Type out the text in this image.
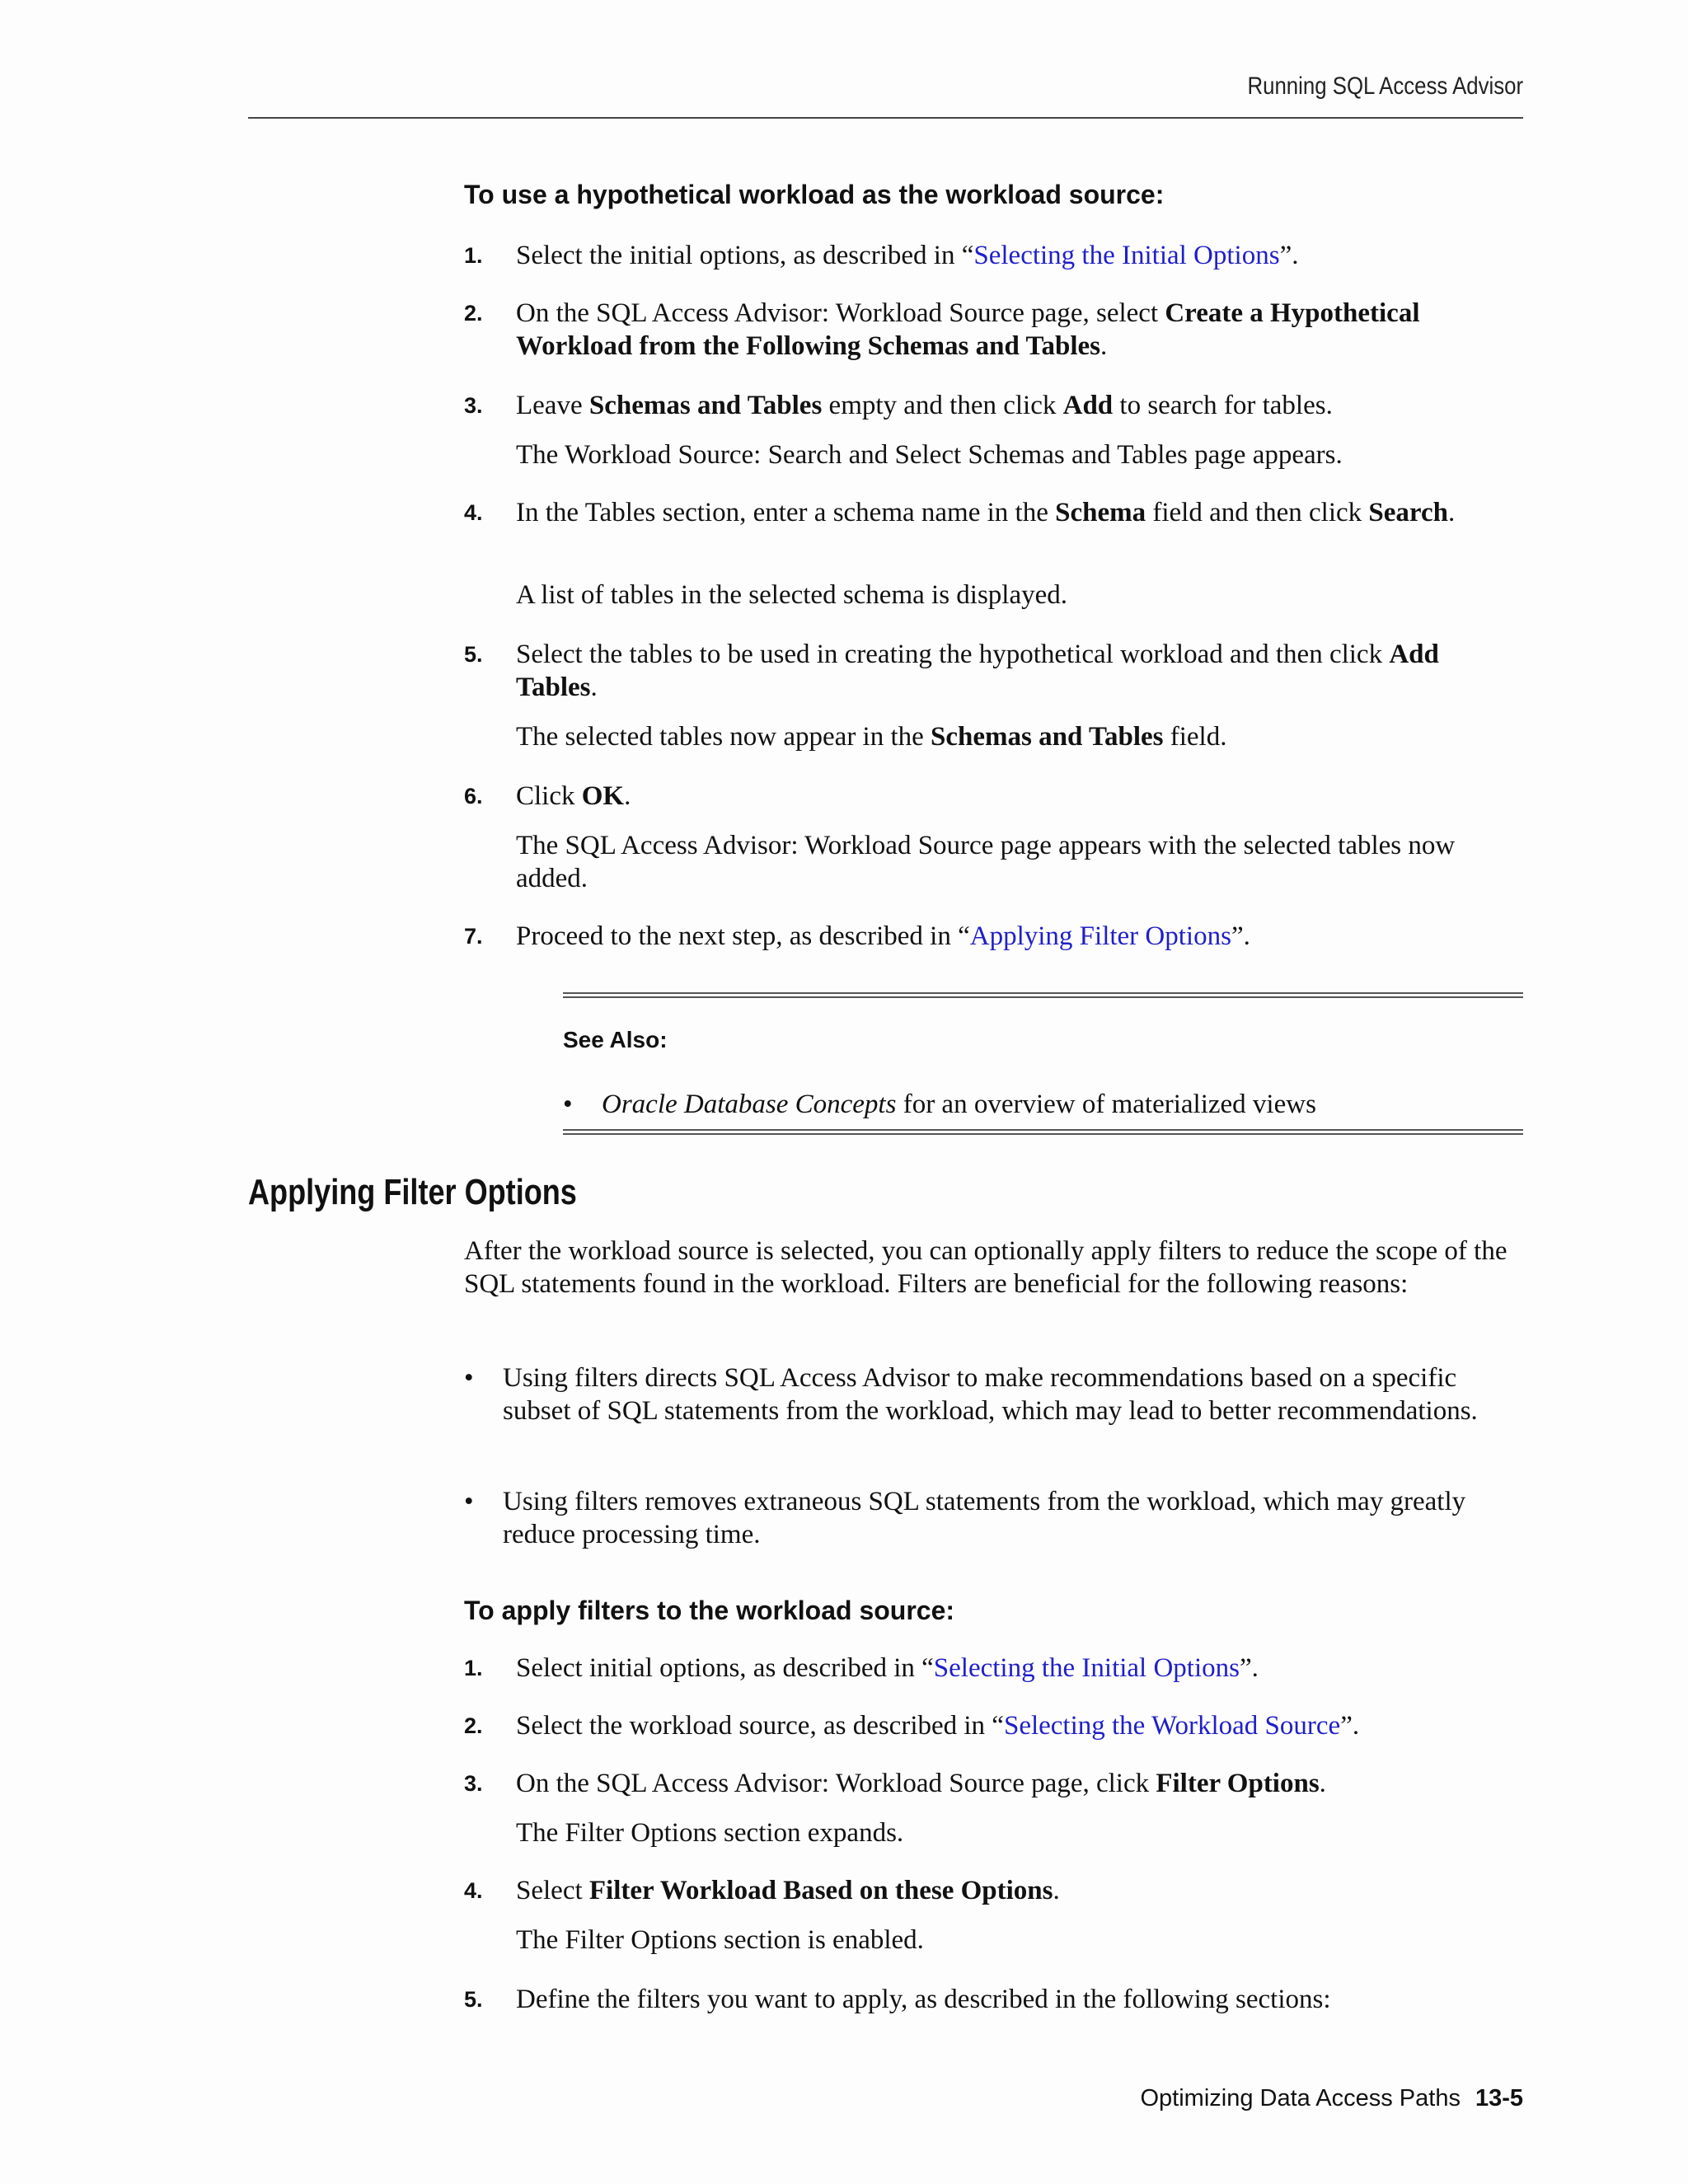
Running SQL Access Advisor
To use a hypothetical workload as the workload source:
1. Select the initial options, as described in “Selecting the Initial Options”.
2. On the SQL Access Advisor: Workload Source page, select Create a Hypothetical Workload from the Following Schemas and Tables.
3. Leave Schemas and Tables empty and then click Add to search for tables.
The Workload Source: Search and Select Schemas and Tables page appears.
4. In the Tables section, enter a schema name in the Schema field and then click Search.
A list of tables in the selected schema is displayed.
5. Select the tables to be used in creating the hypothetical workload and then click Add Tables.
The selected tables now appear in the Schemas and Tables field.
6. Click OK.
The SQL Access Advisor: Workload Source page appears with the selected tables now added.
7. Proceed to the next step, as described in “Applying Filter Options”.
See Also:
• Oracle Database Concepts for an overview of materialized views
Applying Filter Options
After the workload source is selected, you can optionally apply filters to reduce the scope of the SQL statements found in the workload. Filters are beneficial for the following reasons:
• Using filters directs SQL Access Advisor to make recommendations based on a specific subset of SQL statements from the workload, which may lead to better recommendations.
• Using filters removes extraneous SQL statements from the workload, which may greatly reduce processing time.
To apply filters to the workload source:
1. Select initial options, as described in “Selecting the Initial Options”.
2. Select the workload source, as described in “Selecting the Workload Source”.
3. On the SQL Access Advisor: Workload Source page, click Filter Options.
The Filter Options section expands.
4. Select Filter Workload Based on these Options.
The Filter Options section is enabled.
5. Define the filters you want to apply, as described in the following sections:
Optimizing Data Access Paths 13-5
